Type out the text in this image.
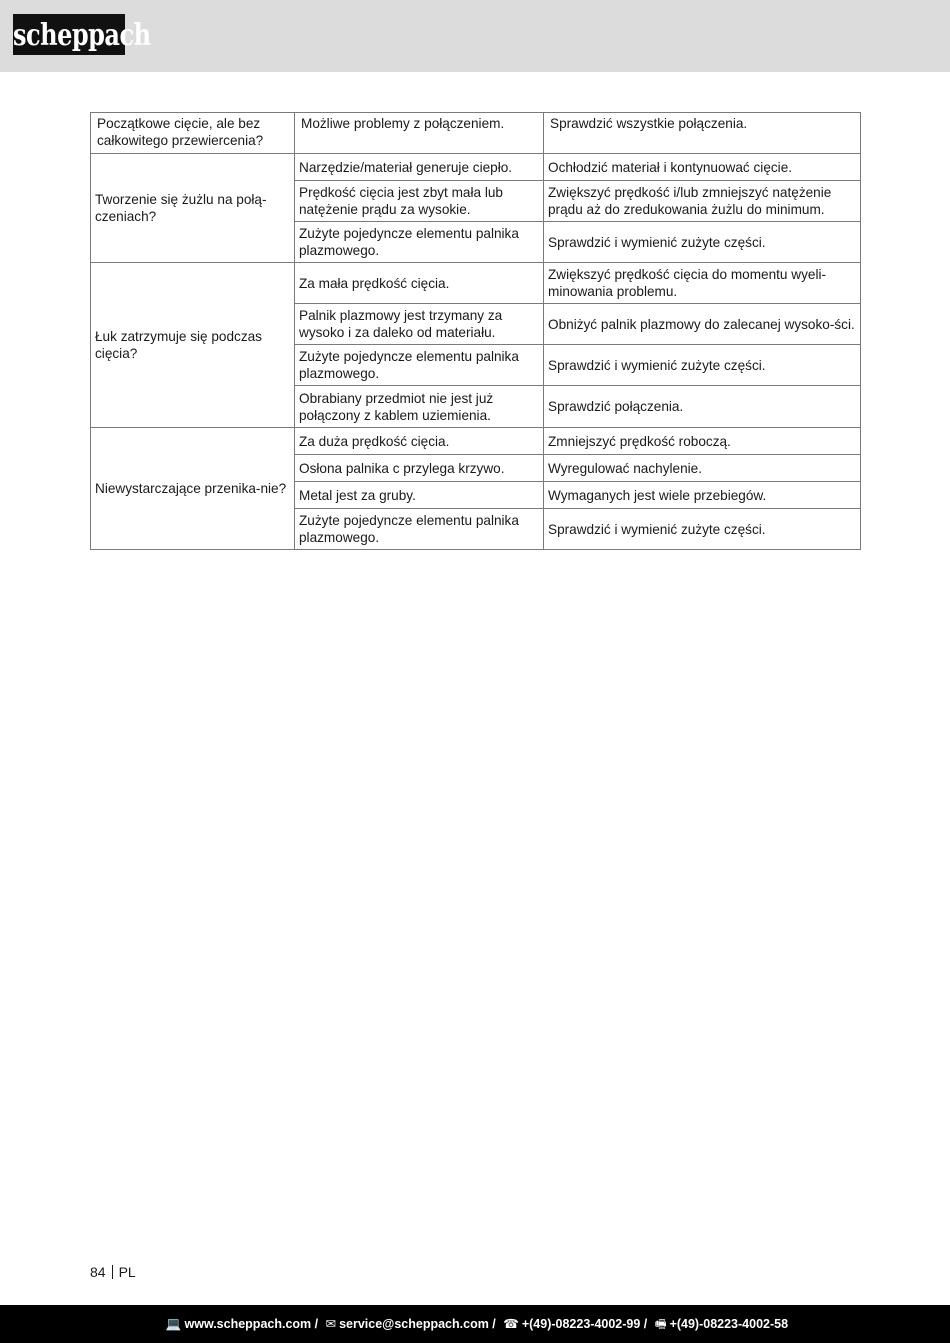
scheppach
Początkowe cięcie, ale bez całkowitego przewiercenia?	Możliwe problemy z połączeniem.	Sprawdzić wszystkie połączenia.
Tworzenie się żużlu na połą-czeniach?	Narzędzie/materiał generuje ciepło.	Ochłodzić materiał i kontynuować cięcie.
	Prędkość cięcia jest zbyt mała lub natężenie prądu za wysokie.	Zwiększyć prędkość i/lub zmniejszyć natężenie prądu aż do zredukowania żużlu do minimum.
	Zużyte pojedyncze elementu palnika plazmowego.	Sprawdzić i wymienić zużyte części.
Łuk zatrzymuje się podczas cięcia?	Za mała prędkość cięcia.	Zwiększyć prędkość cięcia do momentu wyeli-minowania problemu.
	Palnik plazmowy jest trzymany za wysoko i za daleko od materiału.	Obniżyć palnik plazmowy do zalecanej wysoko-ści.
	Zużyte pojedyncze elementu palnika plazmowego.	Sprawdzić i wymienić zużyte części.
	Obrabiany przedmiot nie jest już połączony z kablem uziemienia.	Sprawdzić połączenia.
Niewystarczające przenika-nie?	Za duża prędkość cięcia.	Zmniejszyć prędkość roboczą.
	Osłona palnika c przylega krzywo.	Wyregulować nachylenie.
	Metal jest za gruby.	Wymaganych jest wiele przebiegów.
	Zużyte pojedyncze elementu palnika plazmowego.	Sprawdzić i wymienić zużyte części.
84 PL
💻 www.scheppach.com / ✉ service@scheppach.com / ☎ +(49)-08223-4002-99 / 🖷 +(49)-08223-4002-58
